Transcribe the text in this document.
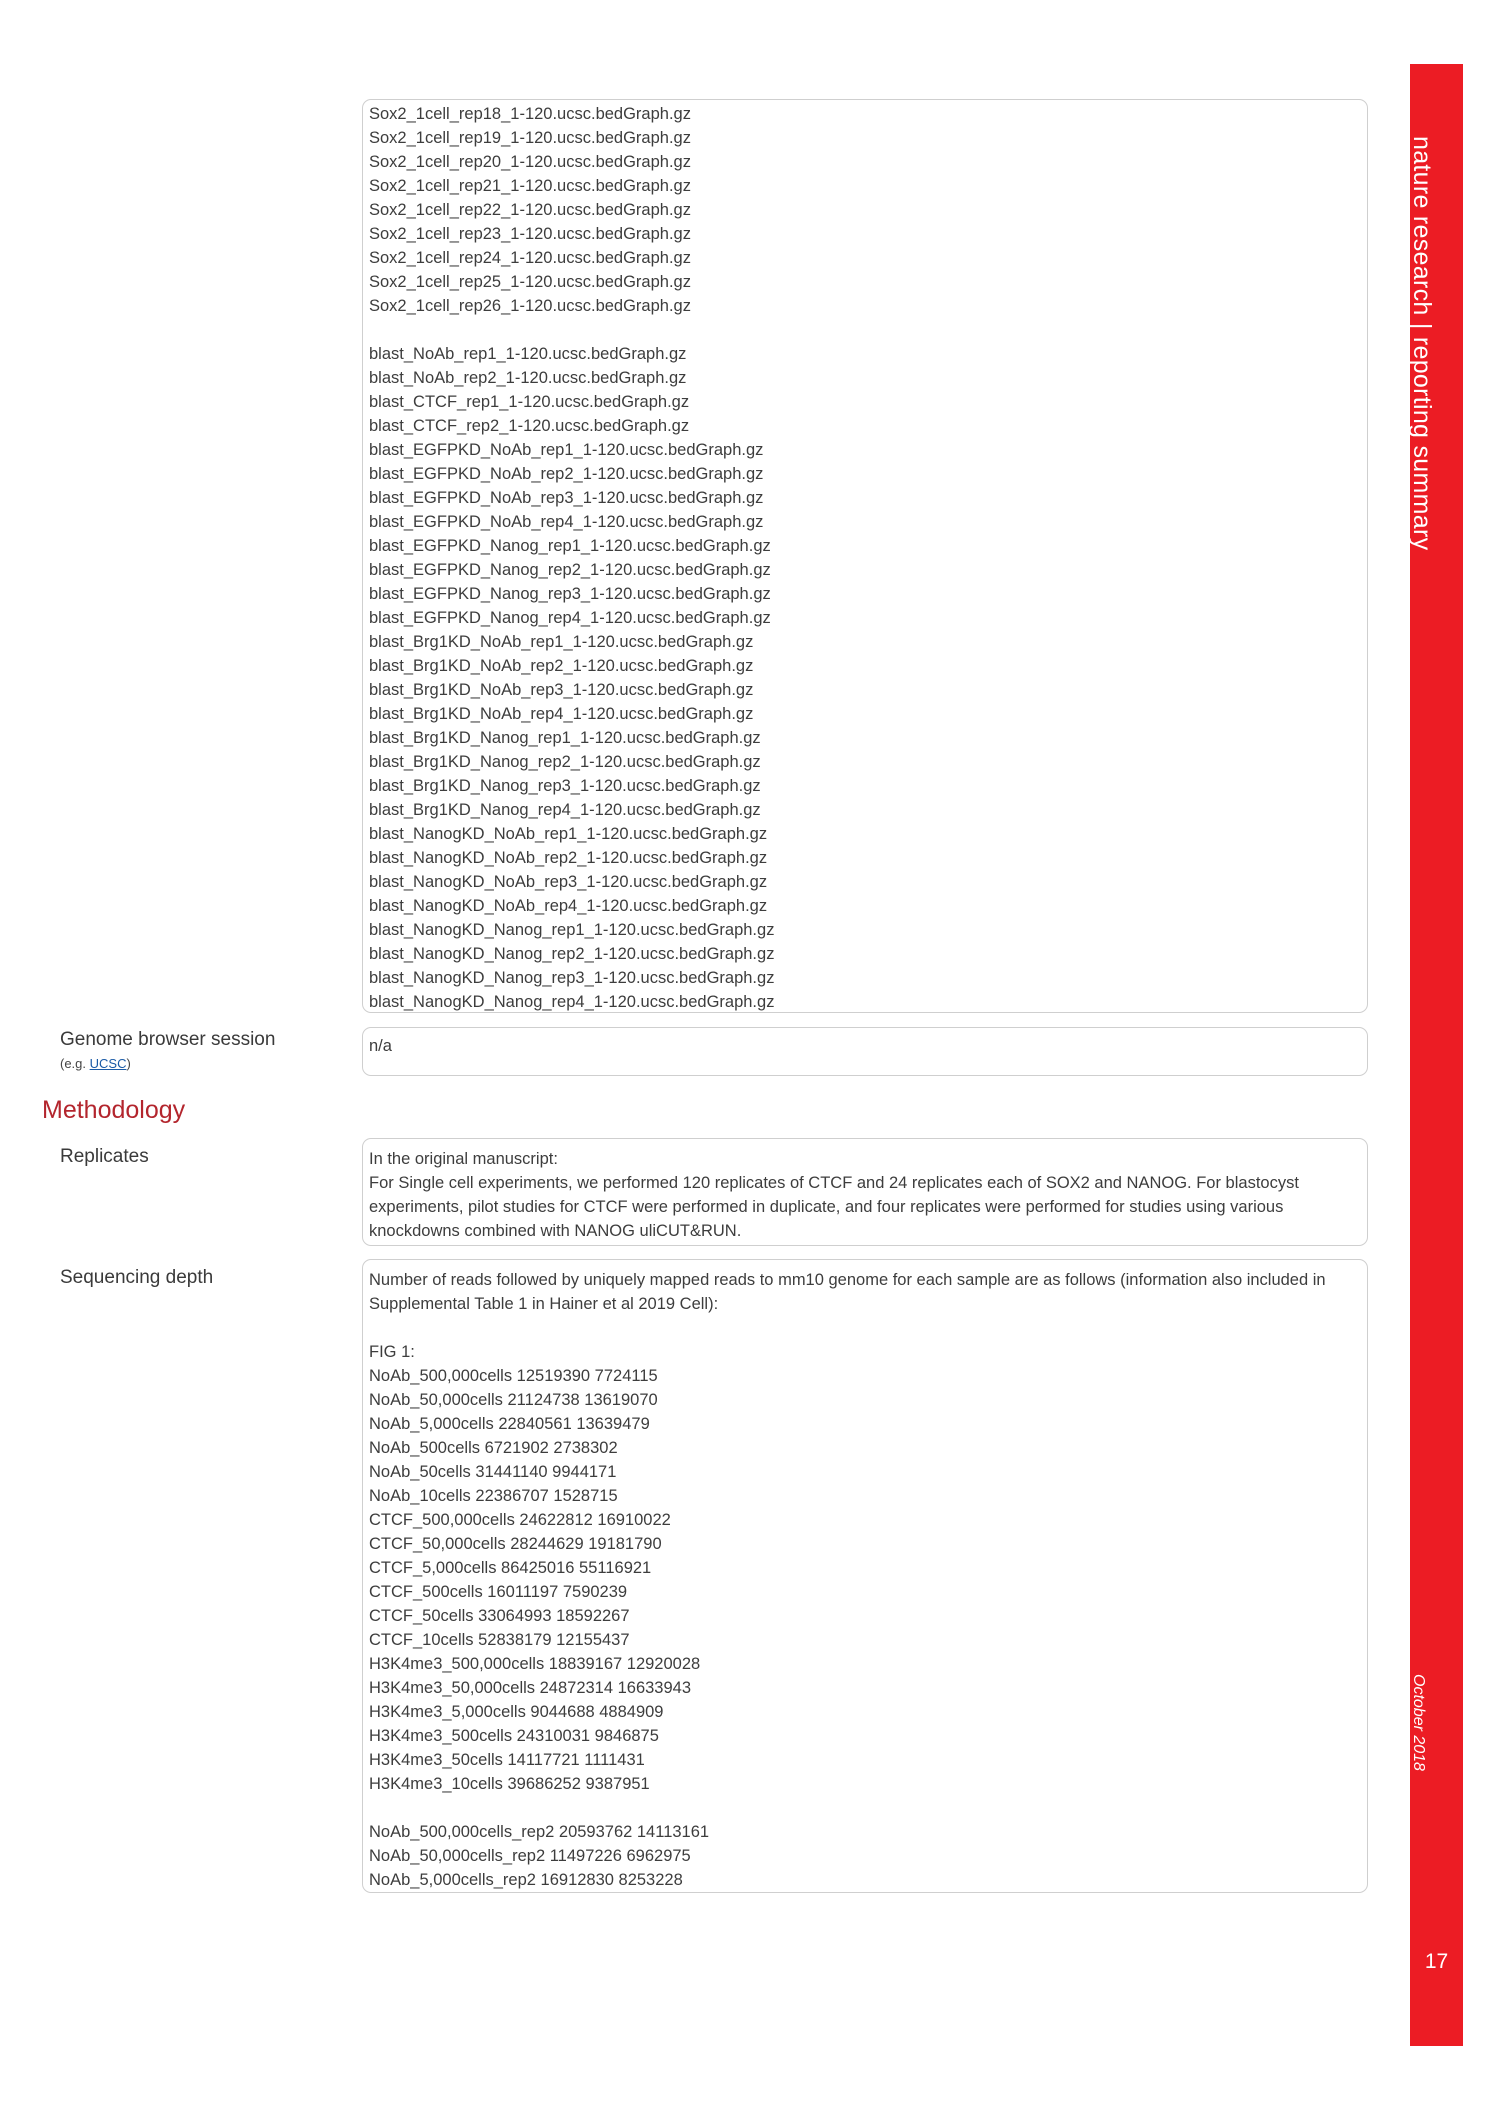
Sox2_1cell_rep18_1-120.ucsc.bedGraph.gz
Sox2_1cell_rep19_1-120.ucsc.bedGraph.gz
Sox2_1cell_rep20_1-120.ucsc.bedGraph.gz
Sox2_1cell_rep21_1-120.ucsc.bedGraph.gz
Sox2_1cell_rep22_1-120.ucsc.bedGraph.gz
Sox2_1cell_rep23_1-120.ucsc.bedGraph.gz
Sox2_1cell_rep24_1-120.ucsc.bedGraph.gz
Sox2_1cell_rep25_1-120.ucsc.bedGraph.gz
Sox2_1cell_rep26_1-120.ucsc.bedGraph.gz
blast_NoAb_rep1_1-120.ucsc.bedGraph.gz
blast_NoAb_rep2_1-120.ucsc.bedGraph.gz
blast_CTCF_rep1_1-120.ucsc.bedGraph.gz
blast_CTCF_rep2_1-120.ucsc.bedGraph.gz
blast_EGFPKD_NoAb_rep1_1-120.ucsc.bedGraph.gz
blast_EGFPKD_NoAb_rep2_1-120.ucsc.bedGraph.gz
blast_EGFPKD_NoAb_rep3_1-120.ucsc.bedGraph.gz
blast_EGFPKD_NoAb_rep4_1-120.ucsc.bedGraph.gz
blast_EGFPKD_Nanog_rep1_1-120.ucsc.bedGraph.gz
blast_EGFPKD_Nanog_rep2_1-120.ucsc.bedGraph.gz
blast_EGFPKD_Nanog_rep3_1-120.ucsc.bedGraph.gz
blast_EGFPKD_Nanog_rep4_1-120.ucsc.bedGraph.gz
blast_Brg1KD_NoAb_rep1_1-120.ucsc.bedGraph.gz
blast_Brg1KD_NoAb_rep2_1-120.ucsc.bedGraph.gz
blast_Brg1KD_NoAb_rep3_1-120.ucsc.bedGraph.gz
blast_Brg1KD_NoAb_rep4_1-120.ucsc.bedGraph.gz
blast_Brg1KD_Nanog_rep1_1-120.ucsc.bedGraph.gz
blast_Brg1KD_Nanog_rep2_1-120.ucsc.bedGraph.gz
blast_Brg1KD_Nanog_rep3_1-120.ucsc.bedGraph.gz
blast_Brg1KD_Nanog_rep4_1-120.ucsc.bedGraph.gz
blast_NanogKD_NoAb_rep1_1-120.ucsc.bedGraph.gz
blast_NanogKD_NoAb_rep2_1-120.ucsc.bedGraph.gz
blast_NanogKD_NoAb_rep3_1-120.ucsc.bedGraph.gz
blast_NanogKD_NoAb_rep4_1-120.ucsc.bedGraph.gz
blast_NanogKD_Nanog_rep1_1-120.ucsc.bedGraph.gz
blast_NanogKD_Nanog_rep2_1-120.ucsc.bedGraph.gz
blast_NanogKD_Nanog_rep3_1-120.ucsc.bedGraph.gz
blast_NanogKD_Nanog_rep4_1-120.ucsc.bedGraph.gz
Genome browser session
(e.g. UCSC)
n/a
Methodology
Replicates	In the original manuscript:
For Single cell experiments, we performed 120 replicates of CTCF and 24 replicates each of SOX2 and NANOG. For blastocyst experiments, pilot studies for CTCF were performed in duplicate, and four replicates were performed for studies using various knockdowns combined with NANOG uliCUT&RUN.
Sequencing depth	Number of reads followed by uniquely mapped reads to mm10 genome for each sample are as follows (information also included in Supplemental Table 1 in Hainer et al 2019 Cell):
FIG 1:
NoAb_500,000cells 12519390 7724115
NoAb_50,000cells 21124738 13619070
NoAb_5,000cells 22840561 13639479
NoAb_500cells 6721902 2738302
NoAb_50cells 31441140 9944171
NoAb_10cells 22386707 1528715
CTCF_500,000cells 24622812 16910022
CTCF_50,000cells 28244629 19181790
CTCF_5,000cells 86425016 55116921
CTCF_500cells 16011197 7590239
CTCF_50cells 33064993 18592267
CTCF_10cells 52838179 12155437
H3K4me3_500,000cells 18839167 12920028
H3K4me3_50,000cells 24872314 16633943
H3K4me3_5,000cells 9044688 4884909
H3K4me3_500cells 24310031 9846875
H3K4me3_50cells 14117721 1111431
H3K4me3_10cells 39686252 9387951
NoAb_500,000cells_rep2 20593762 14113161
NoAb_50,000cells_rep2 11497226 6962975
NoAb_5,000cells_rep2 16912830 8253228
nature research | reporting summary
October 2018
17
